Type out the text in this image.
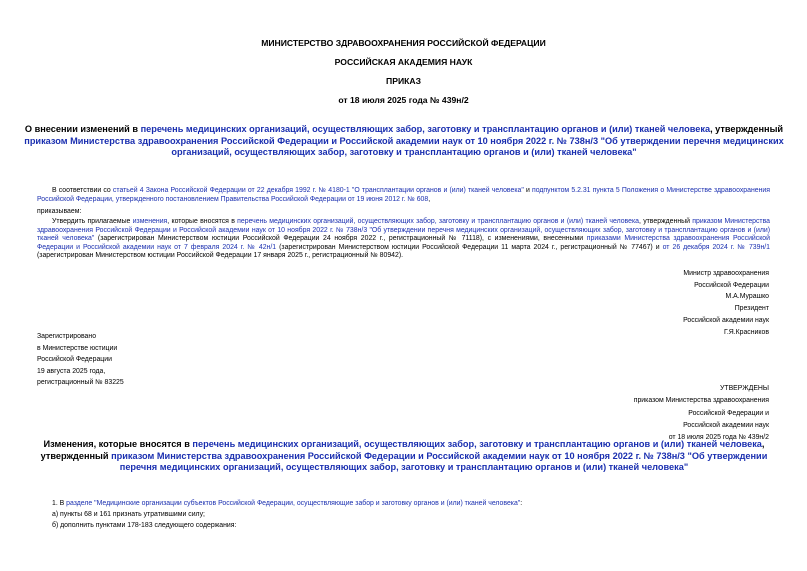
МИНИСТЕРСТВО ЗДРАВООХРАНЕНИЯ РОССИЙСКОЙ ФЕДЕРАЦИИ
РОССИЙСКАЯ АКАДЕМИЯ НАУК
ПРИКАЗ
от 18 июля 2025 года № 439н/2
О внесении изменений в перечень медицинских организаций, осуществляющих забор, заготовку и трансплантацию органов и (или) тканей человека, утвержденный приказом Министерства здравоохранения Российской Федерации и Российской академии наук от 10 ноября 2022 г. № 738н/3 "Об утверждении перечня медицинских организаций, осуществляющих забор, заготовку и трансплантацию органов и (или) тканей человека"
В соответствии со статьей 4 Закона Российской Федерации от 22 декабря 1992 г. № 4180-1 "О трансплантации органов и (или) тканей человека" и подпунктом 5.2.31 пункта 5 Положения о Министерстве здравоохранения Российской Федерации, утвержденного постановлением Правительства Российской Федерации от 19 июня 2012 г. № 608,
приказываем:
Утвердить прилагаемые изменения, которые вносятся в перечень медицинских организаций, осуществляющих забор, заготовку и трансплантацию органов и (или) тканей человека, утвержденный приказом Министерства здравоохранения Российской Федерации и Российской академии наук от 10 ноября 2022 г. № 738н/3 "Об утверждении перечня медицинских организаций, осуществляющих забор, заготовку и трансплантацию органов и (или) тканей человека" (зарегистрирован Министерством юстиции Российской Федерации 24 ноября 2022 г., регистрационный № 71118), с изменениями, внесенными приказами Министерства здравоохранения Российской Федерации и Российской академии наук от 7 февраля 2024 г. № 42н/1 (зарегистрирован Министерством юстиции Российской Федерации 11 марта 2024 г., регистрационный № 77467) и от 26 декабря 2024 г. № 739н/1 (зарегистрирован Министерством юстиции Российской Федерации 17 января 2025 г., регистрационный № 80942).
Министр здравоохранения
Российской Федерации
М.А.Мурашко
Президент
Российской академии наук
Г.Я.Красников
Зарегистрировано
в Министерстве юстиции
Российской Федерации
19 августа 2025 года,
регистрационный № 83225
УТВЕРЖДЕНЫ
приказом Министерства здравоохранения
Российской Федерации и
Российской академии наук
от 18 июля 2025 года № 439н/2
Изменения, которые вносятся в перечень медицинских организаций, осуществляющих забор, заготовку и трансплантацию органов и (или) тканей человека, утвержденный приказом Министерства здравоохранения Российской Федерации и Российской академии наук от 10 ноября 2022 г. № 738н/3 "Об утверждении перечня медицинских организаций, осуществляющих забор, заготовку и трансплантацию органов и (или) тканей человека"
1. В разделе "Медицинские организации субъектов Российской Федерации, осуществляющие забор и заготовку органов и (или) тканей человека":
а) пункты 68 и 161 признать утратившими силу;
б) дополнить пунктами 178-183 следующего содержания:
